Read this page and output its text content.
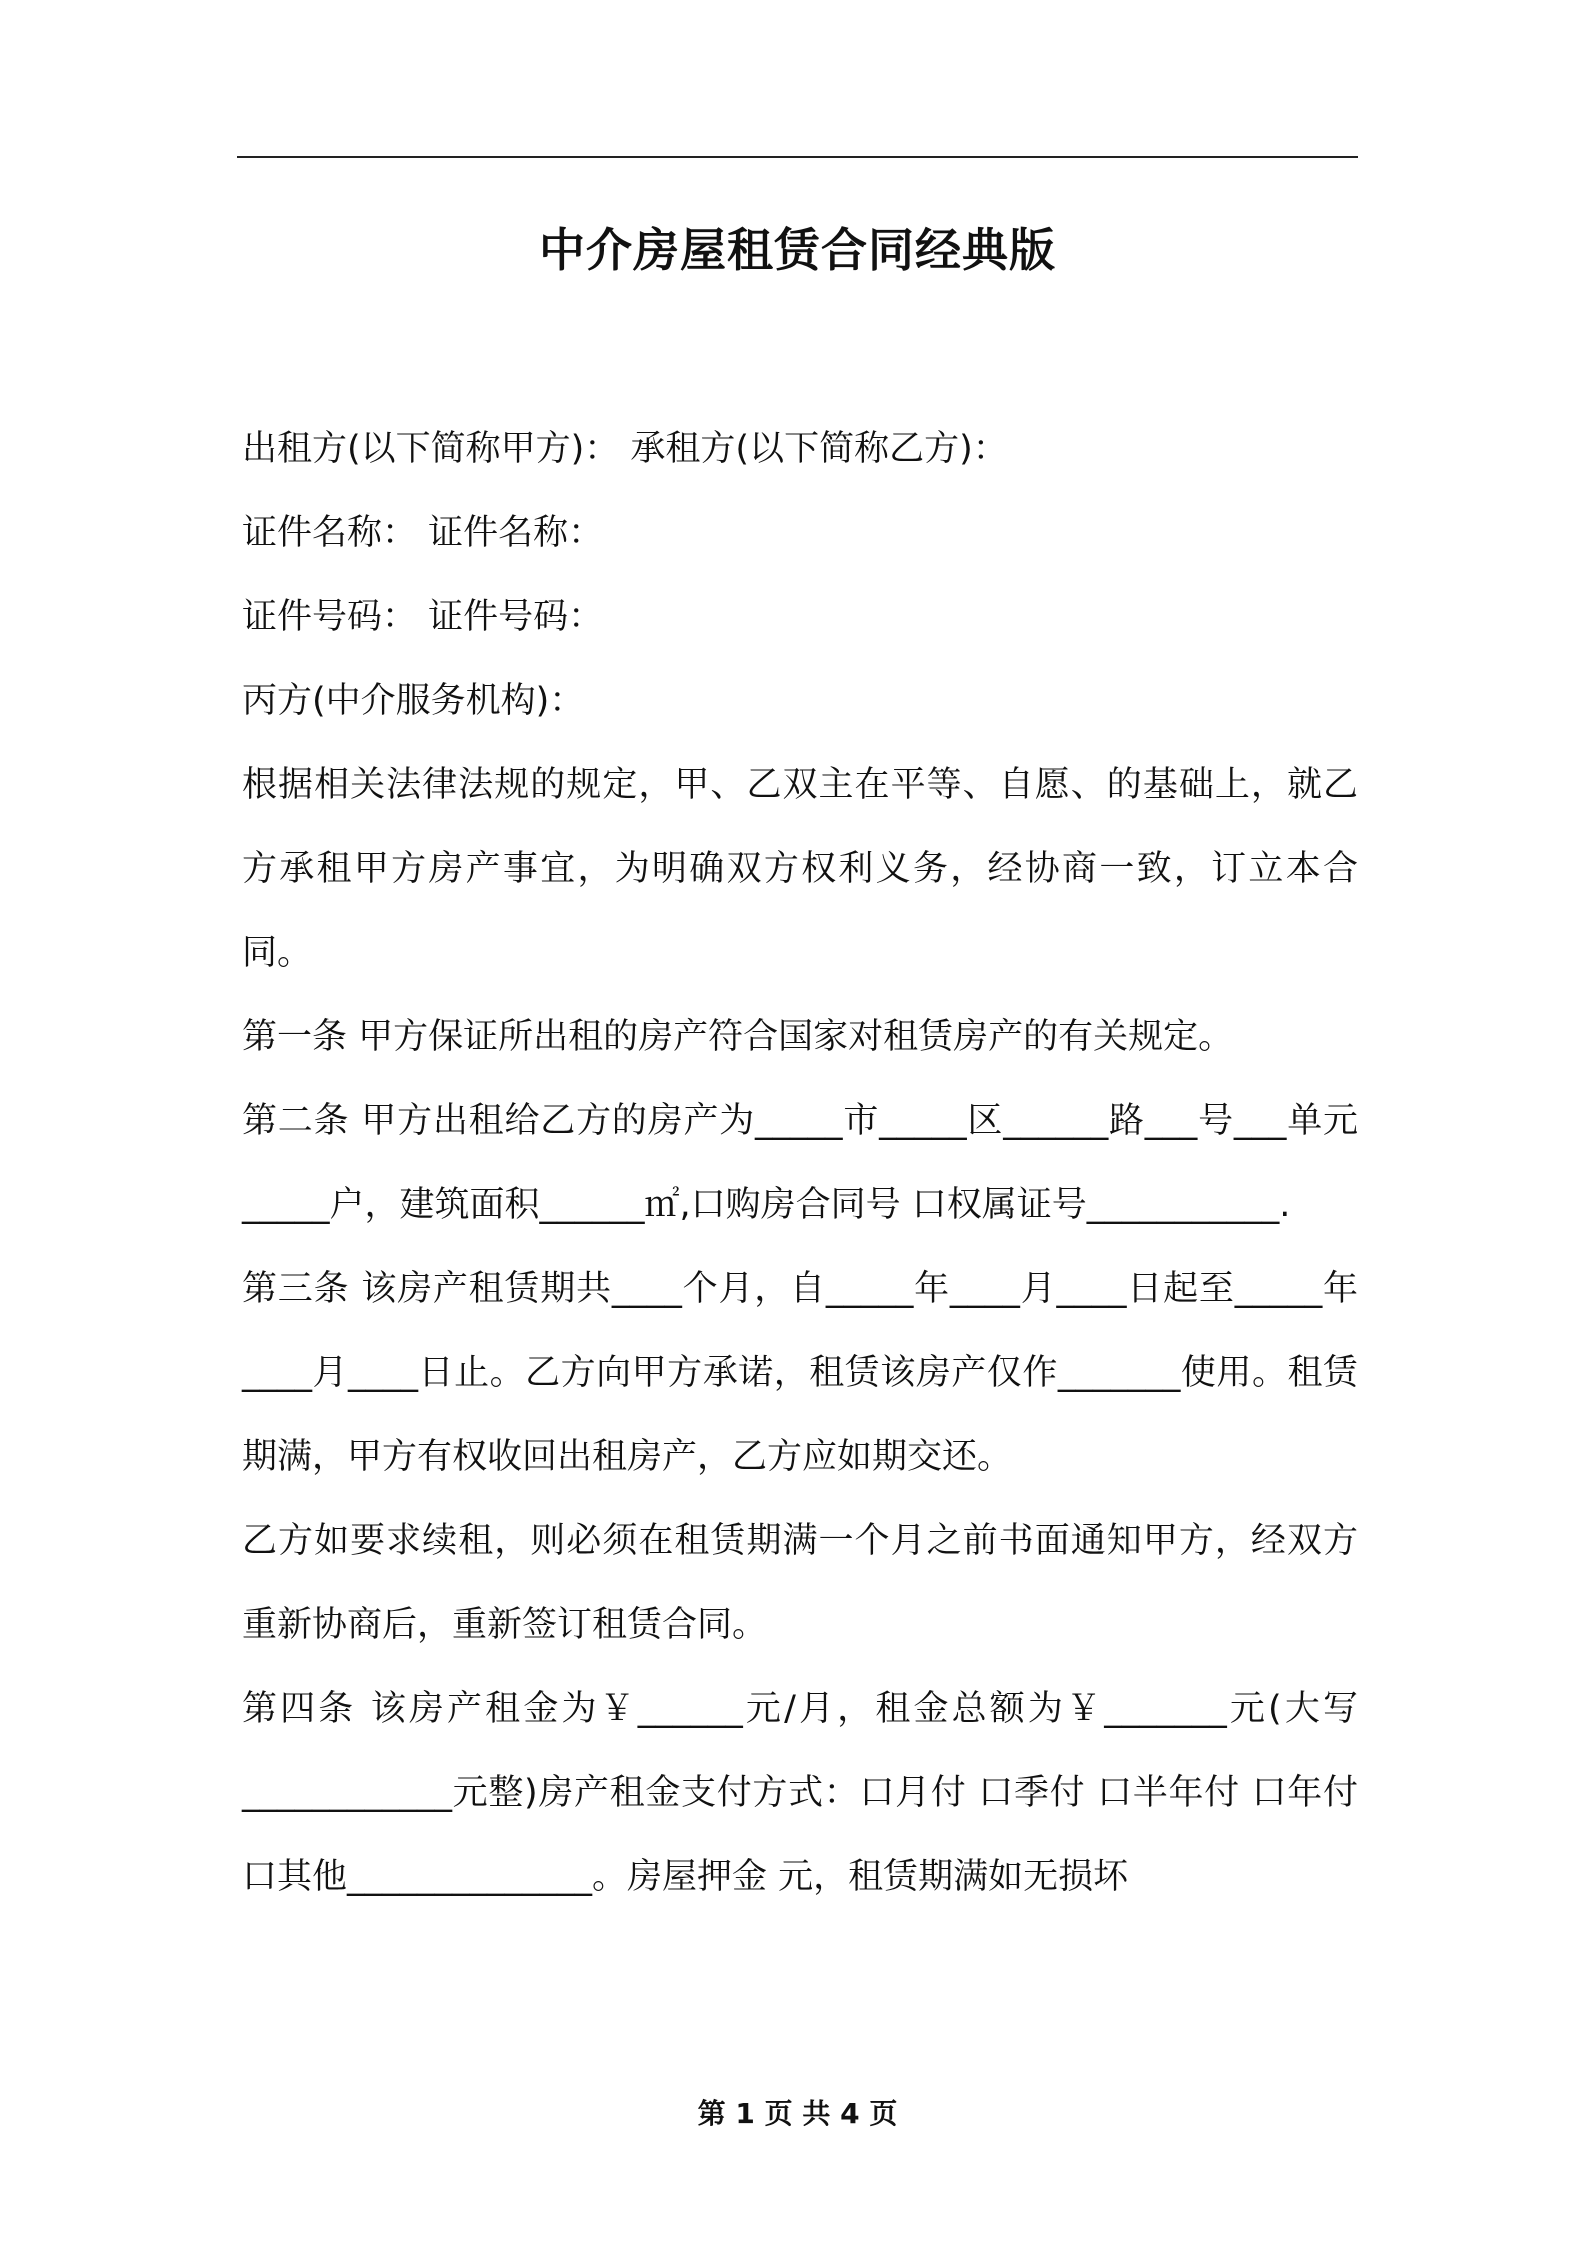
中介房屋租赁合同经典版

出租方(以下简称甲方)： 承租方(以下简称乙方)：

证件名称： 证件名称：

证件号码： 证件号码：

丙方(中介服务机构)：

根据相关法律法规的规定，甲、乙双主在平等、自愿、的基础上，就乙方承租甲方房产事宜，为明确双方权利义务，经协商一致，订立本合同。

第一条 甲方保证所出租的房产符合国家对租赁房产的有关规定。

第二条 甲方出租给乙方的房产为_____市_____区______路___号___单元_____户，建筑面积______㎡,口购房合同号 口权属证号___________.

第三条 该房产租赁期共____个月，自_____年____月____日起至_____年____月____日止。乙方向甲方承诺，租赁该房产仅作_______使用。租赁期满，甲方有权收回出租房产，乙方应如期交还。

乙方如要求续租，则必须在租赁期满一个月之前书面通知甲方，经双方重新协商后，重新签订租赁合同。

第四条 该房产租金为￥______元/月，租金总额为￥_______元(大写____________元整)房产租金支付方式：口月付 口季付 口半年付 口年付 口其他______________。房屋押金 元，租赁期满如无损坏

第 1 页 共 4 页
